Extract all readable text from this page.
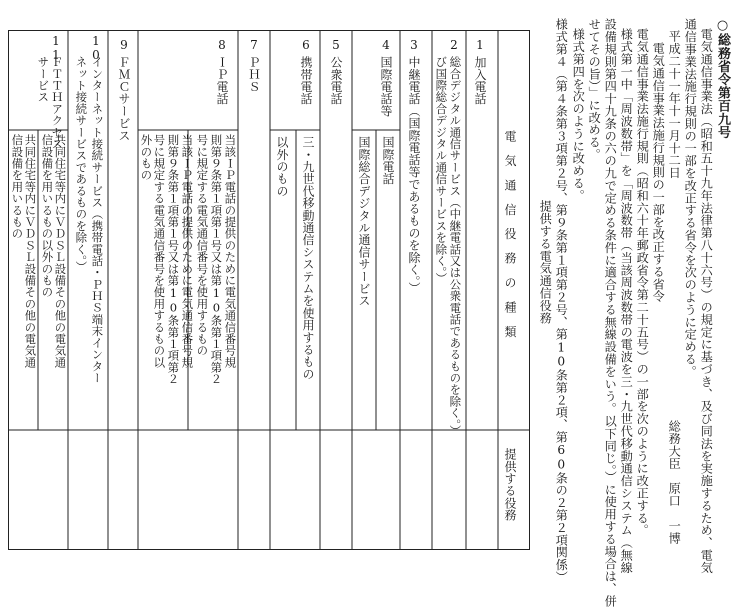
○総務省令第百九号
電気通信事業法（昭和五十九年法律第八十六号）の規定に基づき、及び同法を実施するため、電気
通信事業法施行規則の一部を改正する省令を次のように定める。
平成二十一年十一月十二日
総務大臣　原口　一博
電気通信事業法施行規則の一部を改正する省令
電気通信事業法施行規則（昭和六十年郵政省令第二十五号）の一部を次のように改正する。
様式第一中「周波数帯」を「周波数帯（当該周波数帯の電波を三・九世代移動通信システム（無線
設備規則第四十九条の六の九で定める条件に適合する無線設備をいう。以下同じ。）に使用する場合は、併
せてその旨）」に改める。
様式第四を次のように改める。
様式第４（第４条第３項第２号、第９条第１項第２号、第10条第２項、第60条の２第２項関係）
提供する電気通信役務
電　気　通　信　役　務　の　種　類
提供する役務
1
加入電話
2
総合デジタル通信サービス（中継電話又は公衆電話であるものを除く。）
び国際総合デジタル通信サービスを除く。）
3
中継電話（国際電話等であるものを除く。）
4
国際電話等
国際電話
国際総合デジタル通信サービス
5
公衆電話
6
携帯電話
三・九世代移動通信システムを使用するもの
以外のもの
7
ＰＨＳ
8
ＩＰ電話
当該ＩＰ電話の提供のために電気通信番号規
則第９条第１項第１号又は第10条第１項第２
号に規定する電気通信番号を使用するもの
当該ＩＰ電話の提供のために電気通信番号規
則第９条第１項第１号又は第10条第１項第２
号に規定する電気通信番号を使用するもの以
外のもの
9
ＦＭＣサービス
10
インターネット接続サービス（携帯電話・ＰＨＳ端末インター
ネット接続サービスであるものを除く。）
11
ＦＴＴＨアクセス
サービス
共同住宅等内にＶＤＳＬ設備その他の電気通
信設備を用いるもの以外のもの
共同住宅等内にＶＤＳＬ設備その他の電気通
信設備を用いるもの
